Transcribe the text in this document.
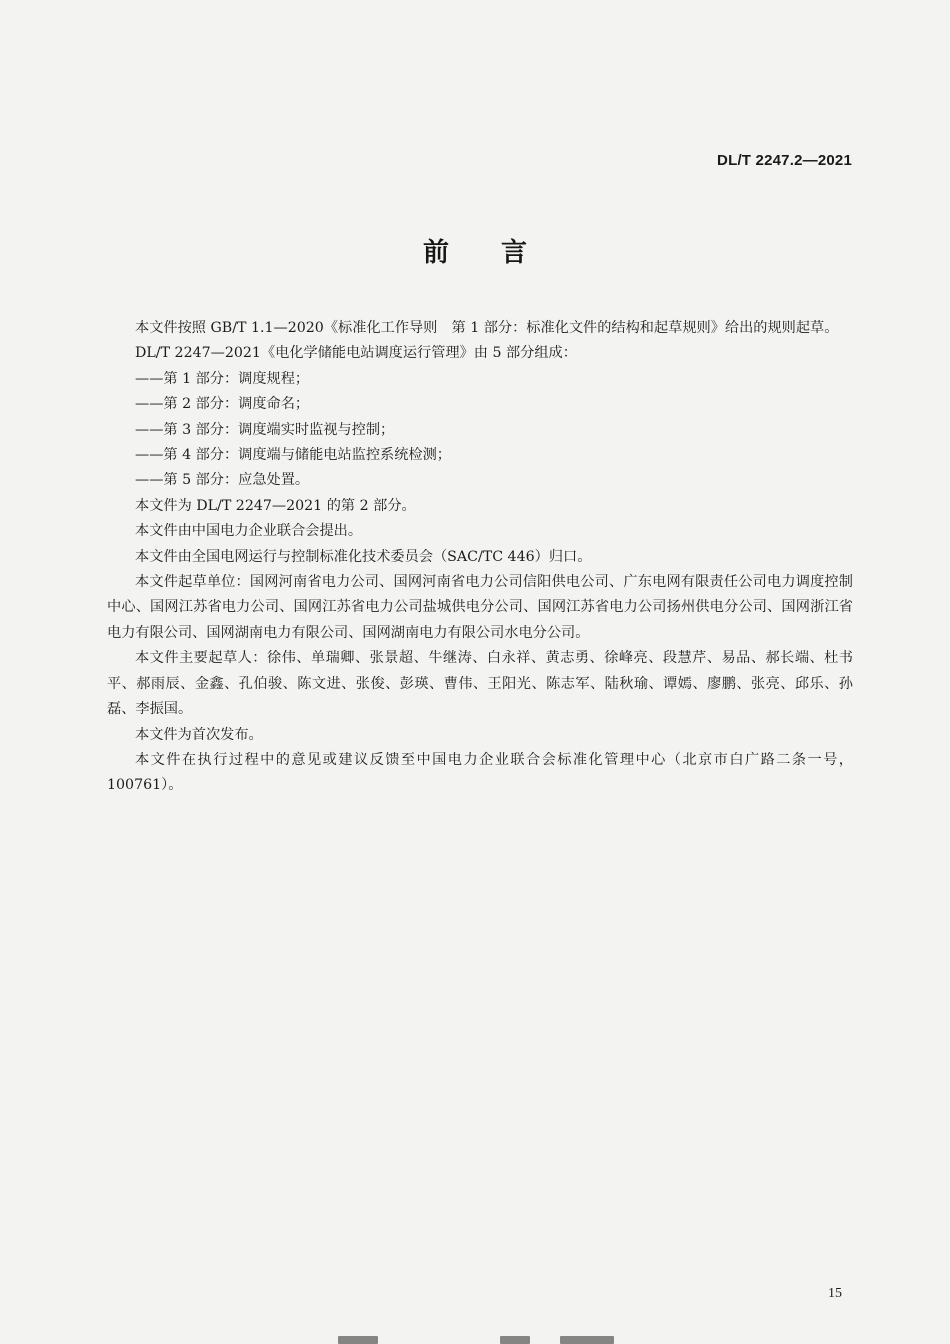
DL/T 2247.2—2021
前言

本文件按照 GB/T 1.1—2020《标准化工作导则　第 1 部分：标准化文件的结构和起草规则》给出的规则起草。

DL/T 2247—2021《电化学储能电站调度运行管理》由 5 部分组成：

——第 1 部分：调度规程；

——第 2 部分：调度命名；

——第 3 部分：调度端实时监视与控制；

——第 4 部分：调度端与储能电站监控系统检测；

——第 5 部分：应急处置。

本文件为 DL/T 2247—2021 的第 2 部分。

本文件由中国电力企业联合会提出。

本文件由全国电网运行与控制标准化技术委员会（SAC/TC 446）归口。

本文件起草单位：国网河南省电力公司、国网河南省电力公司信阳供电公司、广东电网有限责任公司电力调度控制中心、国网江苏省电力公司、国网江苏省电力公司盐城供电分公司、国网江苏省电力公司扬州供电分公司、国网浙江省电力有限公司、国网湖南电力有限公司、国网湖南电力有限公司水电分公司。

本文件主要起草人：徐伟、单瑞卿、张景超、牛继涛、白永祥、黄志勇、徐峰亮、段慧芹、易品、郝长端、杜书平、郝雨辰、金鑫、孔伯骏、陈文进、张俊、彭瑛、曹伟、王阳光、陈志军、陆秋瑜、谭嫣、廖鹏、张亮、邱乐、孙磊、李振国。

本文件为首次发布。

本文件在执行过程中的意见或建议反馈至中国电力企业联合会标准化管理中心（北京市白广路二条一号，100761）。

15
